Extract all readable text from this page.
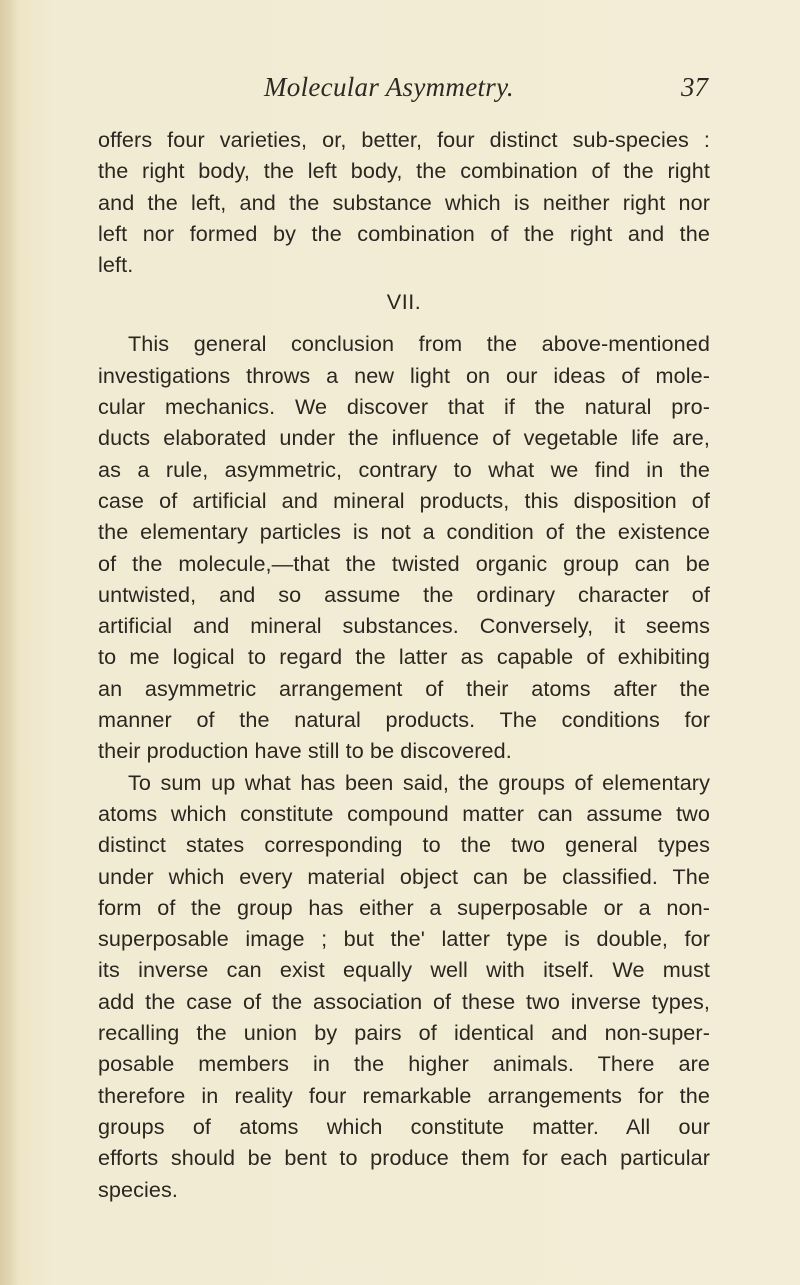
Molecular Asymmetry.	37
offers four varieties, or, better, four distinct sub-species :
the right body, the left body, the combination of the right
and the left, and the substance which is neither right nor
left nor formed by the combination of the right and the
left.
VII.
This general conclusion from the above-mentioned
investigations throws a new light on our ideas of mole-
cular mechanics. We discover that if the natural pro-
ducts elaborated under the influence of vegetable life are,
as a rule, asymmetric, contrary to what we find in the
case of artificial and mineral products, this disposition of
the elementary particles is not a condition of the existence
of the molecule,—that the twisted organic group can be
untwisted, and so assume the ordinary character of
artificial and mineral substances. Conversely, it seems
to me logical to regard the latter as capable of exhibiting
an asymmetric arrangement of their atoms after the
manner of the natural products. The conditions for
their production have still to be discovered.
To sum up what has been said, the groups of elementary
atoms which constitute compound matter can assume two
distinct states corresponding to the two general types
under which every material object can be classified. The
form of the group has either a superposable or a non-
superposable image ; but the' latter type is double, for
its inverse can exist equally well with itself. We must
add the case of the association of these two inverse types,
recalling the union by pairs of identical and non-super-
posable members in the higher animals. There are
therefore in reality four remarkable arrangements for the
groups of atoms which constitute matter. All our
efforts should be bent to produce them for each particular
species.
